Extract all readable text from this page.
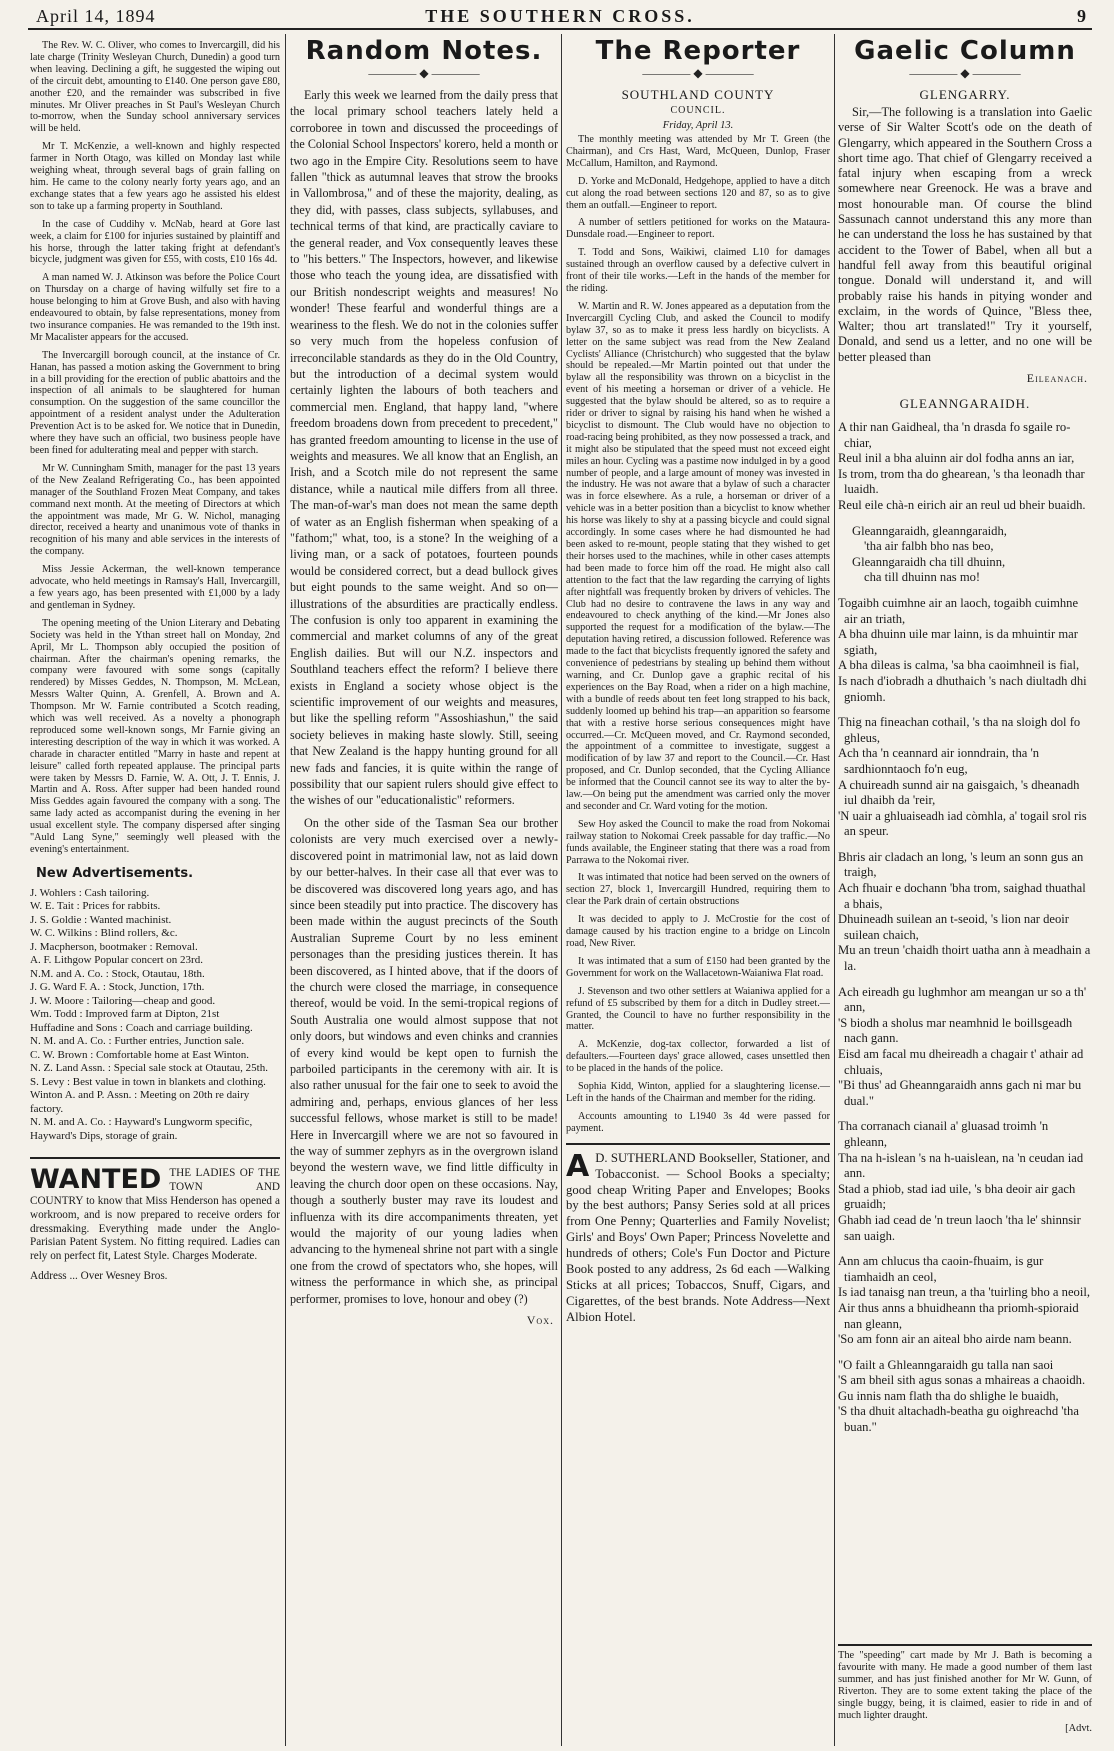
April 14, 1894	THE SOUTHERN CROSS.	9

The Rev. W. C. Oliver, who comes to Invercargill, did his late charge (Trinity Wesleyan Church, Dunedin) a good turn when leaving. Declining a gift, he suggested the wiping out of the circuit debt, amounting to £140. One person gave £80, another £20, and the remainder was subscribed in five minutes. Mr Oliver preaches in St Paul's Wesleyan Church to-morrow, when the Sunday school anniversary services will be held.

Mr T. McKenzie, a well-known and highly respected farmer in North Otago, was killed on Monday last while weighing wheat, through several bags of grain falling on him. He came to the colony nearly forty years ago, and an exchange states that a few years ago he assisted his eldest son to take up a farming property in Southland.

In the case of Cuddihy v. McNab, heard at Gore last week, a claim for £100 for injuries sustained by plaintiff and his horse, through the latter taking fright at defendant's bicycle, judgment was given for £55, with costs, £10 16s 4d.

A man named W. J. Atkinson was before the Police Court on Thursday on a charge of having wilfully set fire to a house belonging to him at Grove Bush, and also with having endeavoured to obtain, by false representations, money from two insurance companies. He was remanded to the 19th inst. Mr Macalister appears for the accused.

The Invercargill borough council, at the instance of Cr. Hanan, has passed a motion asking the Government to bring in a bill providing for the erection of public abattoirs and the inspection of all animals to be slaughtered for human consumption. On the suggestion of the same councillor the appointment of a resident analyst under the Adulteration Prevention Act is to be asked for. We notice that in Dunedin, where they have such an official, two business people have been fined for adulterating meal and pepper with starch.

Mr W. Cunningham Smith, manager for the past 13 years of the New Zealand Refrigerating Co., has been appointed manager of the Southland Frozen Meat Company, and takes command next month. At the meeting of Directors at which the appointment was made, Mr G. W. Nichol, managing director, received a hearty and unanimous vote of thanks in recognition of his many and able services in the interests of the company.

Miss Jessie Ackerman, the well-known temperance advocate, who held meetings in Ramsay's Hall, Invercargill, a few years ago, has been presented with £1,000 by a lady and gentleman in Sydney.

The opening meeting of the Union Literary and Debating Society was held in the Ythan street hall on Monday, 2nd April, Mr L. Thompson ably occupied the position of chairman. After the chairman's opening remarks, the company were favoured with some songs (capitally rendered) by Misses Geddes, N. Thompson, M. McLean, Messrs Walter Quinn, A. Grenfell, A. Brown and A. Thompson. Mr W. Farnie contributed a Scotch reading, which was well received. As a novelty a phonograph reproduced some well-known songs, Mr Farnie giving an interesting description of the way in which it was worked. A charade in character entitled "Marry in haste and repent at leisure" called forth repeated applause. The principal parts were taken by Messrs D. Farnie, W. A. Ott, J. T. Ennis, J. Martin and A. Ross. After supper had been handed round Miss Geddes again favoured the company with a song. The same lady acted as accompanist during the evening in her usual excellent style. The company dispersed after singing "Auld Lang Syne," seemingly well pleased with the evening's entertainment.

New Advertisements.
J. Wohlers : Cash tailoring.
W. E. Tait : Prices for rabbits.
J. S. Goldie : Wanted machinist.
W. C. Wilkins : Blind rollers, &c.
J. Macpherson, bootmaker : Removal.
A. F. Lithgow Popular concert on 23rd.
N.M. and A. Co. : Stock, Otautau, 18th.
J. G. Ward F. A. : Stock, Junction, 17th.
J. W. Moore : Tailoring—cheap and good.
Wm. Todd : Improved farm at Dipton, 21st
Huffadine and Sons : Coach and carriage building.
N. M. and A. Co. : Further entries, Junction sale.
C. W. Brown : Comfortable home at East Winton.
N. Z. Land Assn. : Special sale stock at Otautau, 25th.
S. Levy : Best value in town in blankets and clothing.
Winton A. and P. Assn. : Meeting on 20th re dairy factory.
N. M. and A. Co. : Hayward's Lungworm specific, Hayward's Dips, storage of grain.
WANTED THE LADIES OF THE TOWN AND COUNTRY to know that Miss Henderson has opened a workroom, and is now prepared to receive orders for dressmaking. Everything made under the Anglo-Parisian Patent System. No fitting required. Ladies can rely on perfect fit, Latest Style. Charges Moderate.
Address ... Over Wesney Bros.
Random Notes.
———— ◆ ————

Early this week we learned from the daily press that the local primary school teachers lately held a corroboree in town and discussed the proceedings of the Colonial School Inspectors' korero, held a month or two ago in the Empire City. Resolutions seem to have fallen "thick as autumnal leaves that strow the brooks in Vallombrosa," and of these the majority, dealing, as they did, with passes, class subjects, syllabuses, and technical terms of that kind, are practically caviare to the general reader, and Vox consequently leaves these to "his betters." The Inspectors, however, and likewise those who teach the young idea, are dissatisfied with our British nondescript weights and measures! No wonder! These fearful and wonderful things are a weariness to the flesh. We do not in the colonies suffer so very much from the hopeless confusion of irreconcilable standards as they do in the Old Country, but the introduction of a decimal system would certainly lighten the labours of both teachers and commercial men. England, that happy land, "where freedom broadens down from precedent to precedent," has granted freedom amounting to license in the use of weights and measures. We all know that an English, an Irish, and a Scotch mile do not represent the same distance, while a nautical mile differs from all three. The man-of-war's man does not mean the same depth of water as an English fisherman when speaking of a "fathom;" what, too, is a stone? In the weighing of a living man, or a sack of potatoes, fourteen pounds would be considered correct, but a dead bullock gives but eight pounds to the same weight. And so on—illustrations of the absurdities are practically endless. The confusion is only too apparent in examining the commercial and market columns of any of the great English dailies. But will our N.Z. inspectors and Southland teachers effect the reform? I believe there exists in England a society whose object is the scientific improvement of our weights and measures, but like the spelling reform "Assoshiashun," the said society believes in making haste slowly. Still, seeing that New Zealand is the happy hunting ground for all new fads and fancies, it is quite within the range of possibility that our sapient rulers should give effect to the wishes of our "educationalistic" reformers.

On the other side of the Tasman Sea our brother colonists are very much exercised over a newly-discovered point in matrimonial law, not as laid down by our better-halves. In their case all that ever was to be discovered was discovered long years ago, and has since been steadily put into practice. The discovery has been made within the august precincts of the South Australian Supreme Court by no less eminent personages than the presiding justices therein. It has been discovered, as I hinted above, that if the doors of the church were closed the marriage, in consequence thereof, would be void. In the semi-tropical regions of South Australia one would almost suppose that not only doors, but windows and even chinks and crannies of every kind would be kept open to furnish the parboiled participants in the ceremony with air. It is also rather unusual for the fair one to seek to avoid the admiring and, perhaps, envious glances of her less successful fellows, whose market is still to be made! Here in Invercargill where we are not so favoured in the way of summer zephyrs as in the overgrown island beyond the western wave, we find little difficulty in leaving the church door open on these occasions. Nay, though a southerly buster may rave its loudest and influenza with its dire accompaniments threaten, yet would the majority of our young ladies when advancing to the hymeneal shrine not part with a single one from the crowd of spectators who, she hopes, will witness the performance in which she, as principal performer, promises to love, honour and obey (?)

Vox.
The Reporter
———— ◆ ————
SOUTHLAND COUNTY
COUNCIL.
Friday, April 13.

The monthly meeting was attended by Mr T. Green (the Chairman), and Crs Hast, Ward, McQueen, Dunlop, Fraser McCallum, Hamilton, and Raymond.

D. Yorke and McDonald, Hedgehope, applied to have a ditch cut along the road between sections 120 and 87, so as to give them an outfall.—Engineer to report.

A number of settlers petitioned for works on the Mataura-Dunsdale road.—Engineer to report.

T. Todd and Sons, Waikiwi, claimed L10 for damages sustained through an overflow caused by a defective culvert in front of their tile works.—Left in the hands of the member for the riding.

W. Martin and R. W. Jones appeared as a deputation from the Invercargill Cycling Club, and asked the Council to modify bylaw 37, so as to make it press less hardly on bicyclists. A letter on the same subject was read from the New Zealand Cyclists' Alliance (Christchurch) who suggested that the bylaw should be repealed.—Mr Martin pointed out that under the bylaw all the responsibility was thrown on a bicyclist in the event of his meeting a horseman or driver of a vehicle. He suggested that the bylaw should be altered, so as to require a rider or driver to signal by raising his hand when he wished a bicyclist to dismount. The Club would have no objection to road-racing being prohibited, as they now possessed a track, and it might also be stipulated that the speed must not exceed eight miles an hour. Cycling was a pastime now indulged in by a good number of people, and a large amount of money was invested in the industry. He was not aware that a bylaw of such a character was in force elsewhere. As a rule, a horseman or driver of a vehicle was in a better position than a bicyclist to know whether his horse was likely to shy at a passing bicycle and could signal accordingly. In some cases where he had dismounted he had been asked to re-mount, people stating that they wished to get their horses used to the machines, while in other cases attempts had been made to force him off the road. He might also call attention to the fact that the law regarding the carrying of lights after nightfall was frequently broken by drivers of vehicles. The Club had no desire to contravene the laws in any way and endeavoured to check anything of the kind.—Mr Jones also supported the request for a modification of the bylaw.—The deputation having retired, a discussion followed. Reference was made to the fact that bicyclists frequently ignored the safety and convenience of pedestrians by stealing up behind them without warning, and Cr. Dunlop gave a graphic recital of his experiences on the Bay Road, when a rider on a high machine, with a bundle of reeds about ten feet long strapped to his back, suddenly loomed up behind his trap—an apparition so fearsome that with a restive horse serious consequences might have occurred.—Cr. McQueen moved, and Cr. Raymond seconded, the appointment of a committee to investigate, suggest a modification of by law 37 and report to the Council.—Cr. Hast proposed, and Cr. Dunlop seconded, that the Cycling Alliance be informed that the Council cannot see its way to alter the by-law.—On being put the amendment was carried only the mover and seconder and Cr. Ward voting for the motion.

Sew Hoy asked the Council to make the road from Nokomai railway station to Nokomai Creek passable for day traffic.—No funds available, the Engineer stating that there was a road from Parrawa to the Nokomai river.

It was intimated that notice had been served on the owners of section 27, block 1, Invercargill Hundred, requiring them to clear the Park drain of certain obstructions

It was decided to apply to J. McCrostie for the cost of damage caused by his traction engine to a bridge on Lincoln road, New River.

It was intimated that a sum of £150 had been granted by the Government for work on the Wallacetown-Waianiwa Flat road.

J. Stevenson and two other settlers at Waianiwa applied for a refund of £5 subscribed by them for a ditch in Dudley street.—Granted, the Council to have no further responsibility in the matter.

A. McKenzie, dog-tax collector, forwarded a list of defaulters.—Fourteen days' grace allowed, cases unsettled then to be placed in the hands of the police.

Sophia Kidd, Winton, applied for a slaughtering license.—Left in the hands of the Chairman and member for the riding.

Accounts amounting to L1940 3s 4d were passed for payment.

A D. SUTHERLAND Bookseller, Stationer, and Tobacconist. — School Books a specialty; good cheap Writing Paper and Envelopes; Books by the best authors; Pansy Series sold at all prices from One Penny; Quarterlies and Family Novelist; Girls' and Boys' Own Paper; Princess Novelette and hundreds of others; Cole's Fun Doctor and Picture Book posted to any address, 2s 6d each —Walking Sticks at all prices; Tobaccos, Snuff, Cigars, and Cigarettes, of the best brands. Note Address—Next Albion Hotel.
Gaelic Column
———— ◆ ————
GLENGARRY.

Sir,—The following is a translation into Gaelic verse of Sir Walter Scott's ode on the death of Glengarry, which appeared in the Southern Cross a short time ago. That chief of Glengarry received a fatal injury when escaping from a wreck somewhere near Greenock. He was a brave and most honourable man. Of course the blind Sassunach cannot understand this any more than he can understand the loss he has sustained by that accident to the Tower of Babel, when all but a handful fell away from this beautiful original tongue. Donald will understand it, and will probably raise his hands in pitying wonder and exclaim, in the words of Quince, "Bless thee, Walter; thou art translated!" Try it yourself, Donald, and send us a letter, and no one will be better pleased than

Eileanach.
GLEANNGARAIDH.
A thir nan Gaidheal, tha 'n drasda fo sgaile ro-chiar,
Reul inil a bha aluinn air dol fodha anns an iar,
Is trom, trom tha do ghearean, 's tha leonadh thar luaidh.
Reul eile chà-n eirich air an reul ud bheir buaidh.
Gleanngaraidh, gleanngaraidh,
'tha air falbh bho nas beo,
Gleanngaraidh cha till dhuinn,
cha till dhuinn nas mo!
Togaibh cuimhne air an laoch, togaibh cuimhne air an triath,
A bha dhuinn uile mar lainn, is da mhuintir mar sgiath,
A bha dìleas is calma, 'sa bha caoimhneil is fial,
Is nach d'iobradh a dhuthaich 's nach diultadh dhi gniomh.
Thig na fineachan cothail, 's tha na sloigh dol fo ghleus,
Ach tha 'n ceannard air ionndrain, tha 'n sardhionntaoch fo'n eug,
A chuireadh sunnd air na gaisgaich, 's dheanadh iul dhaibh da 'reir,
'N uair a ghluaiseadh iad còmhla, a' togail srol ris an speur.
Bhris air cladach an long, 's leum an sonn gus an traigh,
Ach fhuair e dochann 'bha trom, saighad thuathal a bhais,
Dhuineadh suilean an t-seoid, 's lion nar deoir suilean chaich,
Mu an treun 'chaidh thoirt uatha ann à meadhain a la.
Ach eireadh gu lughmhor am meangan ur so a th' ann,
'S biodh a sholus mar neamhnid le boillsgeadh nach gann.
Eisd am facal mu dheireadh a chagair t' athair ad chluais,
"Bi thus' ad Gheanngaraidh anns gach ni mar bu dual."
Tha corranach cianail a' gluasad troimh 'n ghleann,
Tha na h-islean 's na h-uaislean, na 'n ceudan iad ann.
Stad a phiob, stad iad uile, 's bha deoir air gach gruaidh;
Ghabh iad cead de 'n treun laoch 'tha le' shinnsir san uaigh.
Ann am chlucus tha caoin-fhuaim, is gur tiamhaidh an ceol,
Is iad tanaisg nan treun, a tha 'tuirling bho a neoil,
Air thus anns a bhuidheann tha priomh-spioraid nan gleann,
'So am fonn air an aiteal bho airde nam beann.
"O failt a Ghleanngaraidh gu talla nan saoi
'S am bheil sith agus sonas a mhaireas a chaoidh.
Gu innis nam flath tha do shlighe le buaidh,
'S tha dhuit altachadh-beatha gu oighreachd 'tha buan."
The "speeding" cart made by Mr J. Bath is becoming a favourite with many. He made a good number of them last summer, and has just finished another for Mr W. Gunn, of Riverton. They are to some extent taking the place of the single buggy, being, it is claimed, easier to ride in and of much lighter draught.
[Advt.
